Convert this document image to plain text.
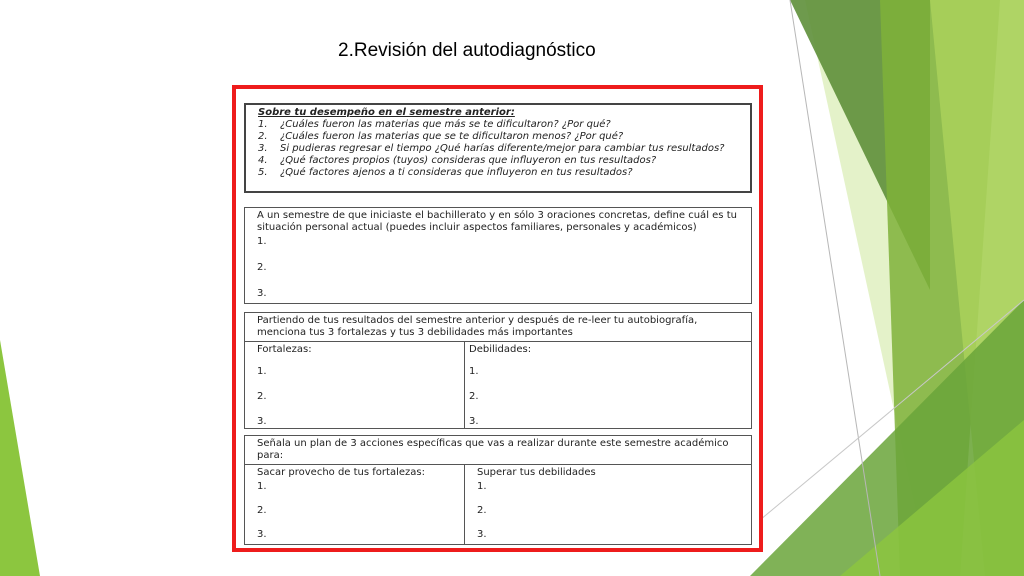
2.Revisión del autodiagnóstico
Sobre tu desempeño en el semestre anterior:
1. ¿Cuáles fueron las materias que más se te dificultaron? ¿Por qué?
2. ¿Cuáles fueron las materias que se te dificultaron menos? ¿Por qué?
3. Si pudieras regresar el tiempo ¿Qué harías diferente/mejor para cambiar tus resultados?
4. ¿Qué factores propios (tuyos) consideras que influyeron en tus resultados?
5. ¿Qué factores ajenos a ti consideras que influyeron en tus resultados?
A un semestre de que iniciaste el bachillerato y en sólo 3 oraciones concretas, define cuál es tu situación personal actual (puedes incluir aspectos familiares, personales y académicos)
1.
2.
3.
Partiendo de tus resultados del semestre anterior y después de re-leer tu autobiografía, menciona tus 3 fortalezas y tus 3 debilidades más importantes
Fortalezas:
1.
2.
3.
Debilidades:
1.
2.
3.
Señala un plan de 3 acciones específicas que vas a realizar durante este semestre académico para:
Sacar provecho de tus fortalezas:
1.
2.
3.
Superar tus debilidades
1.
2.
3.
